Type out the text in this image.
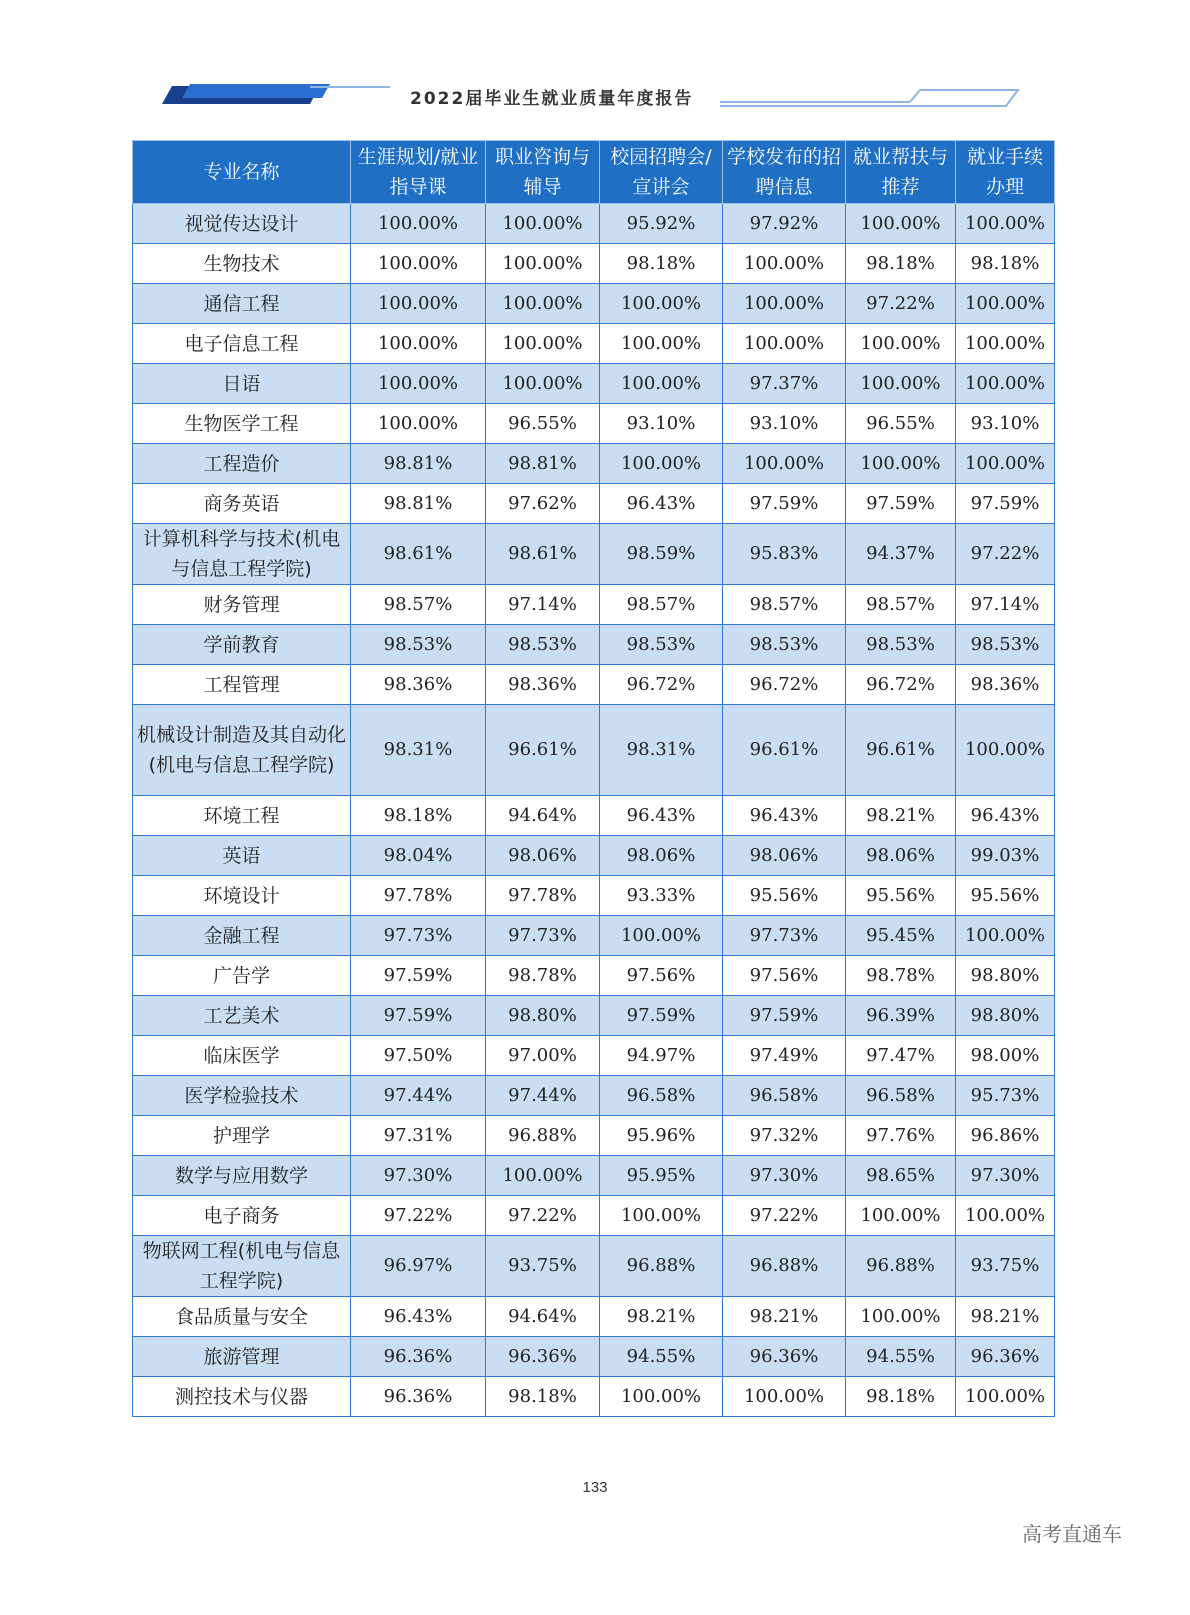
2022届毕业生就业质量年度报告
专业名称	生涯规划/就业指导课	职业咨询与辅导	校园招聘会/宣讲会	学校发布的招聘信息	就业帮扶与推荐	就业手续办理
视觉传达设计	100.00%	100.00%	95.92%	97.92%	100.00%	100.00%
生物技术	100.00%	100.00%	98.18%	100.00%	98.18%	98.18%
通信工程	100.00%	100.00%	100.00%	100.00%	97.22%	100.00%
电子信息工程	100.00%	100.00%	100.00%	100.00%	100.00%	100.00%
日语	100.00%	100.00%	100.00%	97.37%	100.00%	100.00%
生物医学工程	100.00%	96.55%	93.10%	93.10%	96.55%	93.10%
工程造价	98.81%	98.81%	100.00%	100.00%	100.00%	100.00%
商务英语	98.81%	97.62%	96.43%	97.59%	97.59%	97.59%
计算机科学与技术(机电与信息工程学院)	98.61%	98.61%	98.59%	95.83%	94.37%	97.22%
财务管理	98.57%	97.14%	98.57%	98.57%	98.57%	97.14%
学前教育	98.53%	98.53%	98.53%	98.53%	98.53%	98.53%
工程管理	98.36%	98.36%	96.72%	96.72%	96.72%	98.36%
机械设计制造及其自动化(机电与信息工程学院)	98.31%	96.61%	98.31%	96.61%	96.61%	100.00%
环境工程	98.18%	94.64%	96.43%	96.43%	98.21%	96.43%
英语	98.04%	98.06%	98.06%	98.06%	98.06%	99.03%
环境设计	97.78%	97.78%	93.33%	95.56%	95.56%	95.56%
金融工程	97.73%	97.73%	100.00%	97.73%	95.45%	100.00%
广告学	97.59%	98.78%	97.56%	97.56%	98.78%	98.80%
工艺美术	97.59%	98.80%	97.59%	97.59%	96.39%	98.80%
临床医学	97.50%	97.00%	94.97%	97.49%	97.47%	98.00%
医学检验技术	97.44%	97.44%	96.58%	96.58%	96.58%	95.73%
护理学	97.31%	96.88%	95.96%	97.32%	97.76%	96.86%
数学与应用数学	97.30%	100.00%	95.95%	97.30%	98.65%	97.30%
电子商务	97.22%	97.22%	100.00%	97.22%	100.00%	100.00%
物联网工程(机电与信息工程学院)	96.97%	93.75%	96.88%	96.88%	96.88%	93.75%
食品质量与安全	96.43%	94.64%	98.21%	98.21%	100.00%	98.21%
旅游管理	96.36%	96.36%	94.55%	96.36%	94.55%	96.36%
测控技术与仪器	96.36%	98.18%	100.00%	100.00%	98.18%	100.00%
133
高考直通车
